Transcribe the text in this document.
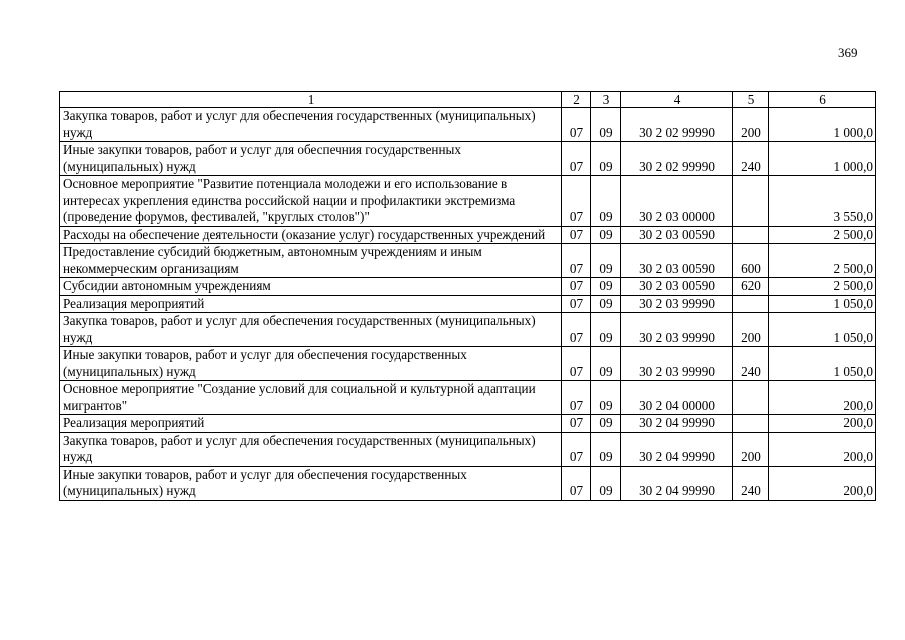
369
1	2	3	4	5	6
Закупка товаров, работ и услуг для обеспечения государственных (муниципальных) нужд	07	09	30 2 02 99990	200	1 000,0
Иные закупки товаров, работ и услуг для обеспечния государственных (муниципальных) нужд	07	09	30 2 02 99990	240	1 000,0
Основное мероприятие "Развитие потенциала молодежи и его использование в интересах укрепления единства российской нации и профилактики экстремизма (проведение форумов, фестивалей, "круглых столов")"	07	09	30 2 03 00000		3 550,0
Расходы на обеспечение деятельности (оказание услуг) государственных учреждений	07	09	30 2 03 00590		2 500,0
Предоставление субсидий бюджетным, автономным учреждениям и иным некоммерческим организациям	07	09	30 2 03 00590	600	2 500,0
Субсидии автономным учреждениям	07	09	30 2 03 00590	620	2 500,0
Реализация мероприятий	07	09	30 2 03 99990		1 050,0
Закупка товаров, работ и услуг для обеспечения государственных (муниципальных) нужд	07	09	30 2 03 99990	200	1 050,0
Иные закупки товаров, работ и услуг для обеспечения государственных (муниципальных) нужд	07	09	30 2 03 99990	240	1 050,0
Основное мероприятие "Создание условий для социальной и культурной адаптации мигрантов"	07	09	30 2 04 00000		200,0
Реализация мероприятий	07	09	30 2 04 99990		200,0
Закупка товаров, работ и услуг для обеспечения государственных (муниципальных) нужд	07	09	30 2 04 99990	200	200,0
Иные закупки товаров, работ и услуг для обеспечения государственных (муниципальных) нужд	07	09	30 2 04 99990	240	200,0
